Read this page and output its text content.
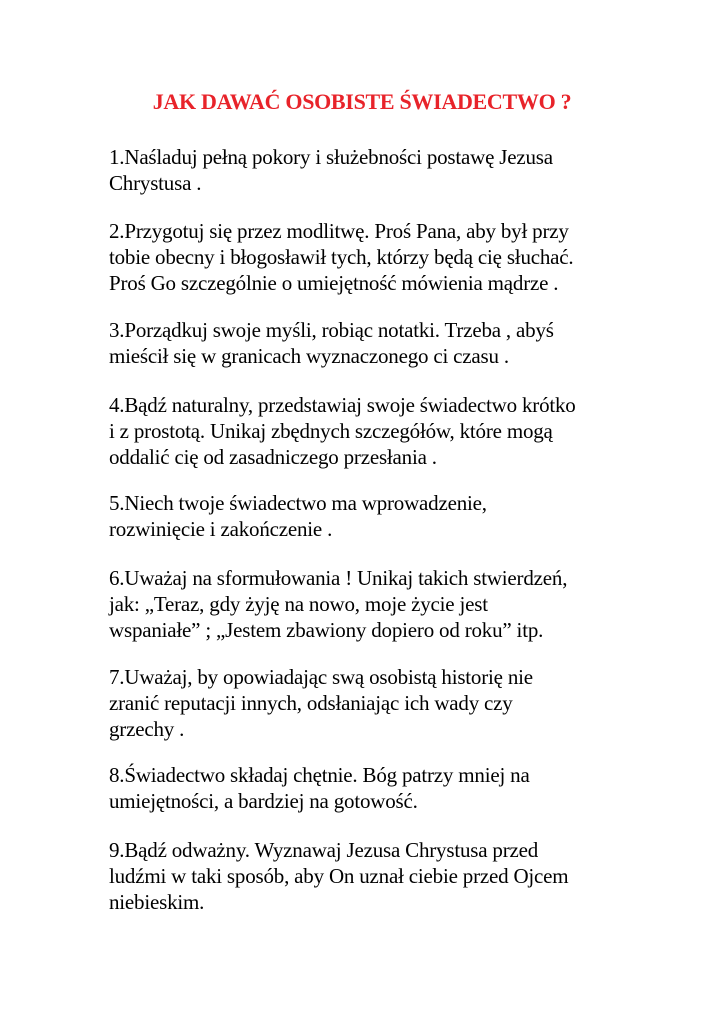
JAK DAWAĆ OSOBISTE ŚWIADECTWO ?

1.Naśladuj pełną pokory i służebności postawę Jezusa
Chrystusa .

2.Przygotuj się przez modlitwę. Proś Pana, aby był przy
tobie obecny i błogosławił tych, którzy będą cię słuchać.
Proś Go szczególnie o umiejętność mówienia mądrze .

3.Porządkuj swoje myśli, robiąc notatki. Trzeba , abyś
mieścił się w granicach wyznaczonego ci czasu .

4.Bądź naturalny, przedstawiaj swoje świadectwo krótko
i z prostotą. Unikaj zbędnych szczegółów, które mogą
oddalić cię od zasadniczego przesłania .

5.Niech twoje świadectwo ma wprowadzenie,
rozwinięcie i zakończenie .

6.Uważaj na sformułowania ! Unikaj takich stwierdzeń,
jak: „Teraz, gdy żyję na nowo, moje życie jest
wspaniałe” ; „Jestem zbawiony dopiero od roku” itp.

7.Uważaj, by opowiadając swą osobistą historię nie
zranić reputacji innych, odsłaniając ich wady czy
grzechy .

8.Świadectwo składaj chętnie. Bóg patrzy mniej na
umiejętności, a bardziej na gotowość.

9.Bądź odważny. Wyznawaj Jezusa Chrystusa przed
ludźmi w taki sposób, aby On uznał ciebie przed Ojcem
niebieskim.
